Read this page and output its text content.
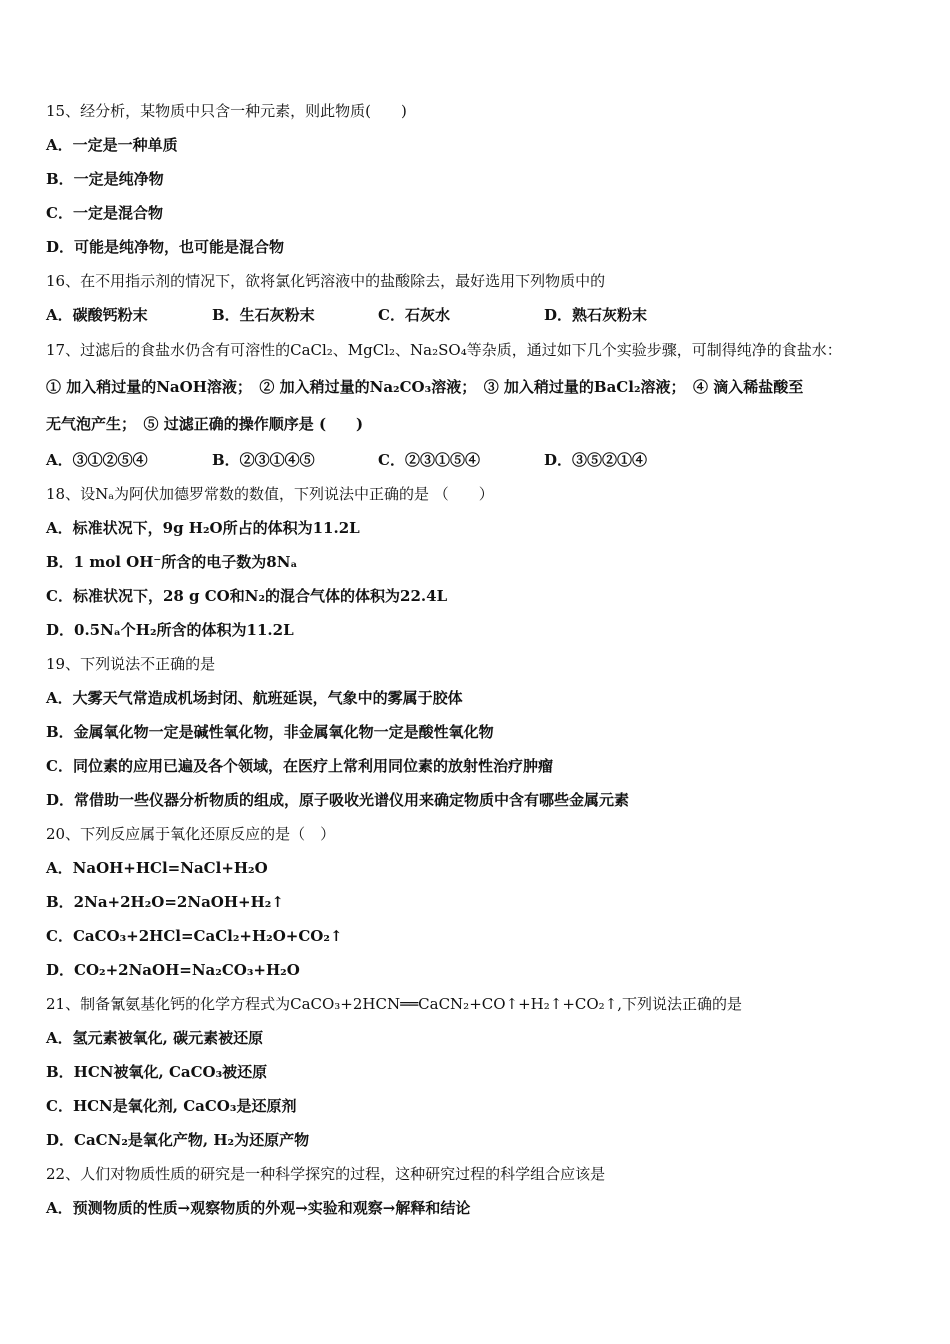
15、经分析，某物质中只含一种元素，则此物质(　　)
A．一定是一种单质
B．一定是纯净物
C．一定是混合物
D．可能是纯净物，也可能是混合物
16、在不用指示剂的情况下，欲将氯化钙溶液中的盐酸除去，最好选用下列物质中的
A．碳酸钙粉末	B．生石灰粉末	C．石灰水	D．熟石灰粉末
17、过滤后的食盐水仍含有可溶性的CaCl₂、MgCl₂、Na₂SO₄等杂质，通过如下几个实验步骤，可制得纯净的食盐水：
① 加入稍过量的NaOH溶液；　② 加入稍过量的Na₂CO₃溶液；　③ 加入稍过量的BaCl₂溶液；　④ 滴入稀盐酸至
无气泡产生；　⑤ 过滤正确的操作顺序是 (　　)
A．③①②⑤④	B．②③①④⑤	C．②③①⑤④	D．③⑤②①④
18、设Nₐ为阿伏加德罗常数的数值，下列说法中正确的是 （　　）
A．标准状况下，9g H₂O所占的体积为11.2L
B．1 mol OH⁻所含的电子数为8Nₐ
C．标准状况下，28 g CO和N₂的混合气体的体积为22.4L
D．0.5Nₐ个H₂所含的体积为11.2L
19、下列说法不正确的是
A．大雾天气常造成机场封闭、航班延误，气象中的雾属于胶体
B．金属氧化物一定是碱性氧化物，非金属氧化物一定是酸性氧化物
C．同位素的应用已遍及各个领域，在医疗上常利用同位素的放射性治疗肿瘤
D．常借助一些仪器分析物质的组成，原子吸收光谱仪用来确定物质中含有哪些金属元素
20、下列反应属于氧化还原反应的是（　）
A．NaOH+HCl=NaCl+H₂O
B．2Na+2H₂O=2NaOH+H₂↑
C．CaCO₃+2HCl=CaCl₂+H₂O+CO₂↑
D．CO₂+2NaOH=Na₂CO₃+H₂O
21、制备氰氨基化钙的化学方程式为CaCO₃+2HCN══CaCN₂+CO↑+H₂↑+CO₂↑,下列说法正确的是
A．氢元素被氧化, 碳元素被还原
B．HCN被氧化, CaCO₃被还原
C．HCN是氧化剂, CaCO₃是还原剂
D．CaCN₂是氧化产物, H₂为还原产物
22、人们对物质性质的研究是一种科学探究的过程，这种研究过程的科学组合应该是
A．预测物质的性质→观察物质的外观→实验和观察→解释和结论
